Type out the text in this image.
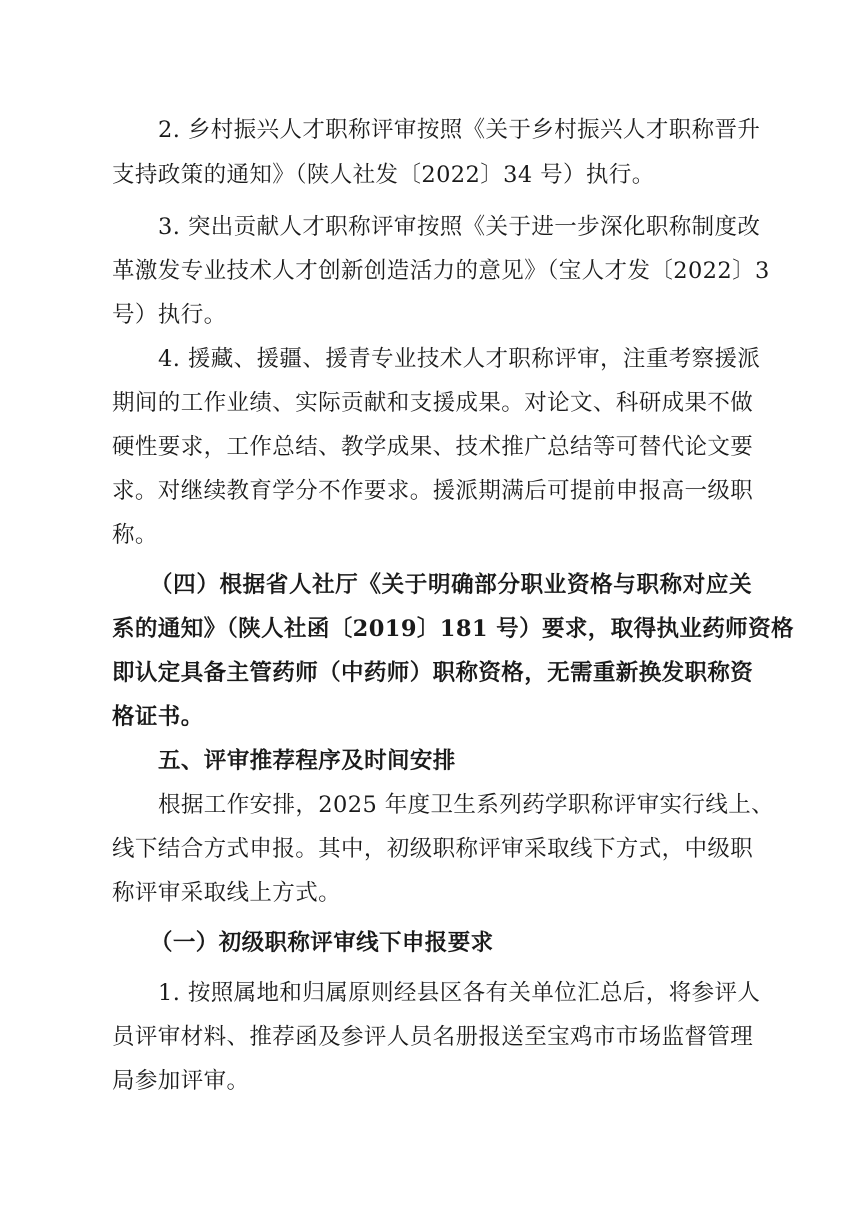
2. 乡村振兴人才职称评审按照《关于乡村振兴人才职称晋升
支持政策的通知》（陕人社发〔2022〕34 号）执行。
3. 突出贡献人才职称评审按照《关于进一步深化职称制度改
革激发专业技术人才创新创造活力的意见》（宝人才发〔2022〕3
号）执行。
4. 援藏、援疆、援青专业技术人才职称评审，注重考察援派
期间的工作业绩、实际贡献和支援成果。对论文、科研成果不做
硬性要求，工作总结、教学成果、技术推广总结等可替代论文要
求。对继续教育学分不作要求。援派期满后可提前申报高一级职
称。
（四）根据省人社厅《关于明确部分职业资格与职称对应关
系的通知》（陕人社函〔2019〕181 号）要求，取得执业药师资格
即认定具备主管药师（中药师）职称资格，无需重新换发职称资
格证书。
五、评审推荐程序及时间安排
根据工作安排，2025 年度卫生系列药学职称评审实行线上、
线下结合方式申报。其中，初级职称评审采取线下方式，中级职
称评审采取线上方式。
（一）初级职称评审线下申报要求
1. 按照属地和归属原则经县区各有关单位汇总后，将参评人
员评审材料、推荐函及参评人员名册报送至宝鸡市市场监督管理
局参加评审。
